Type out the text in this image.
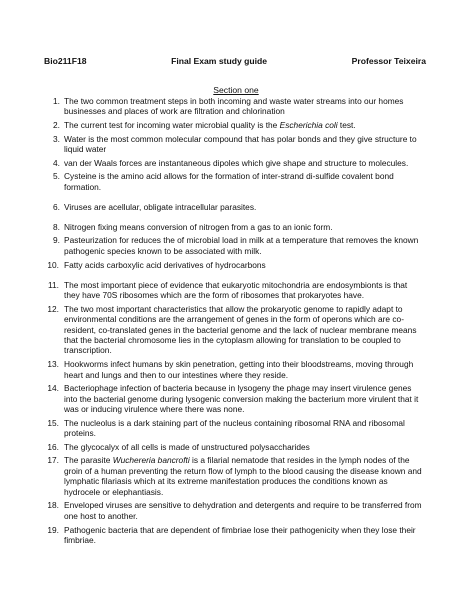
Bio211F18	Final Exam study guide	Professor Teixeira
Section one
1. The two common treatment steps in both incoming and waste water streams into our homes businesses and places of work are filtration and chlorination
2. The current test for incoming water microbial quality is the Escherichia coli test.
3. Water is the most common molecular compound that has polar bonds and they give structure to liquid water
4. van der Waals forces are instantaneous dipoles which give shape and structure to molecules.
5. Cysteine is the amino acid allows for the formation of inter-strand di-sulfide covalent bond formation.
6. Viruses are acellular, obligate intracellular parasites.
8. Nitrogen fixing means conversion of nitrogen from a gas to an ionic form.
9. Pasteurization for reduces the of microbial load in milk at a temperature that removes the known pathogenic species known to be associated with milk.
10. Fatty acids carboxylic acid derivatives of hydrocarbons
11. The most important piece of evidence that eukaryotic mitochondria are endosymbionts is that they have 70S ribosomes which are the form of ribosomes that prokaryotes have.
12. The two most important characteristics that allow the prokaryotic genome to rapidly adapt to environmental conditions are the arrangement of genes in the form of operons which are co-resident, co-translated genes in the bacterial genome and the lack of nuclear membrane means that the bacterial chromosome lies in the cytoplasm allowing for translation to be coupled to transcription.
13. Hookworms infect humans by skin penetration, getting into their bloodstreams, moving through heart and lungs and then to our intestines where they reside.
14. Bacteriophage infection of bacteria because in lysogeny the phage may insert virulence genes into the bacterial genome during lysogenic conversion making the bacterium more virulent that it was or inducing virulence where there was none.
15. The nucleolus is a dark staining part of the nucleus containing ribosomal RNA and ribosomal proteins.
16. The glycocalyx of all cells is made of unstructured polysaccharides
17. The parasite Wuchereria bancrofti is a filarial nematode that resides in the lymph nodes of the groin of a human preventing the return flow of lymph to the blood causing the disease known and lymphatic filariasis which at its extreme manifestation produces the conditions known as hydrocele or elephantiasis.
18. Enveloped viruses are sensitive to dehydration and detergents and require to be transferred from one host to another.
19. Pathogenic bacteria that are dependent of fimbriae lose their pathogenicity when they lose their fimbriae.
